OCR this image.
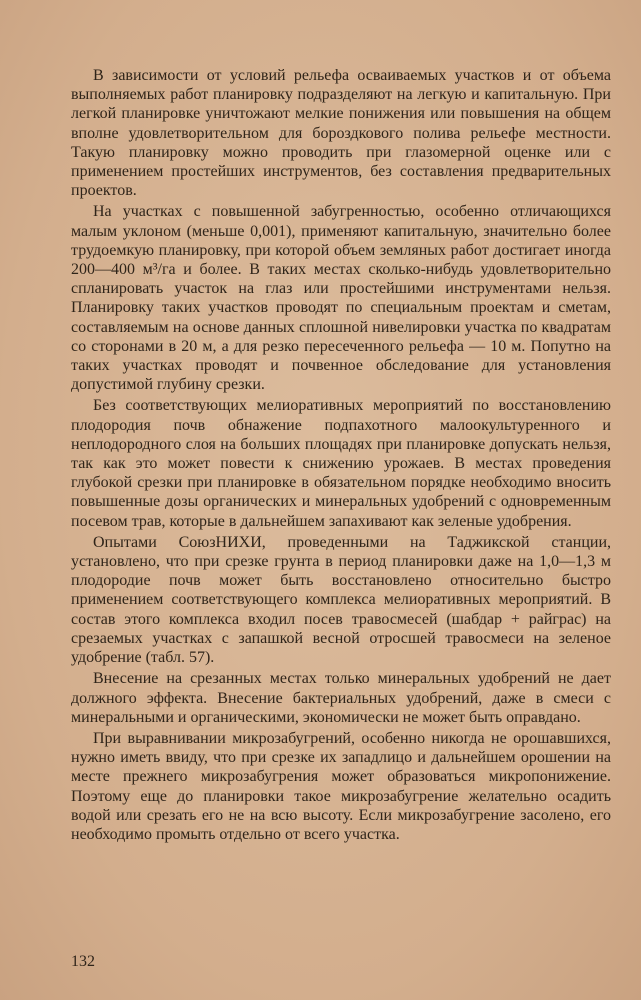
В зависимости от условий рельефа осваиваемых участков и от объема выполняемых работ планировку подразделяют на легкую и капитальную. При легкой планировке уничтожают мелкие понижения или повышения на общем вполне удовлетворительном для бороздкового полива рельефе местности. Такую планировку можно проводить при глазомерной оценке или с применением простейших инструментов, без составления предварительных проектов.

На участках с повышенной забугренностью, особенно отличающихся малым уклоном (меньше 0,001), применяют капитальную, значительно более трудоемкую планировку, при которой объем земляных работ достигает иногда 200—400 м³/га и более. В таких местах сколько-нибудь удовлетворительно спланировать участок на глаз или простейшими инструментами нельзя. Планировку таких участков проводят по специальным проектам и сметам, составляемым на основе данных сплошной нивелировки участка по квадратам со сторонами в 20 м, а для резко пересеченного рельефа — 10 м. Попутно на таких участках проводят и почвенное обследование для установления допустимой глубину срезки.

Без соответствующих мелиоративных мероприятий по восстановлению плодородия почв обнажение подпахотного малоокультуренного и неплодородного слоя на больших площадях при планировке допускать нельзя, так как это может повести к снижению урожаев. В местах проведения глубокой срезки при планировке в обязательном порядке необходимо вносить повышенные дозы органических и минеральных удобрений с одновременным посевом трав, которые в дальнейшем запахивают как зеленые удобрения.

Опытами СоюзНИХИ, проведенными на Таджикской станции, установлено, что при срезке грунта в период планировки даже на 1,0—1,3 м плодородие почв может быть восстановлено относительно быстро применением соответствующего комплекса мелиоративных мероприятий. В состав этого комплекса входил посев травосмесей (шабдар + райграс) на срезаемых участках с запашкой весной отросшей травосмеси на зеленое удобрение (табл. 57).

Внесение на срезанных местах только минеральных удобрений не дает должного эффекта. Внесение бактериальных удобрений, даже в смеси с минеральными и органическими, экономически не может быть оправдано.

При выравнивании микрозабугрений, особенно никогда не орошавшихся, нужно иметь ввиду, что при срезке их западлицо и дальнейшем орошении на месте прежнего микрозабугрения может образоваться микропонижение. Поэтому еще до планировки такое микрозабугрение желательно осадить водой или срезать его не на всю высоту. Если микрозабугрение засолено, его необходимо промыть отдельно от всего участка.

132
